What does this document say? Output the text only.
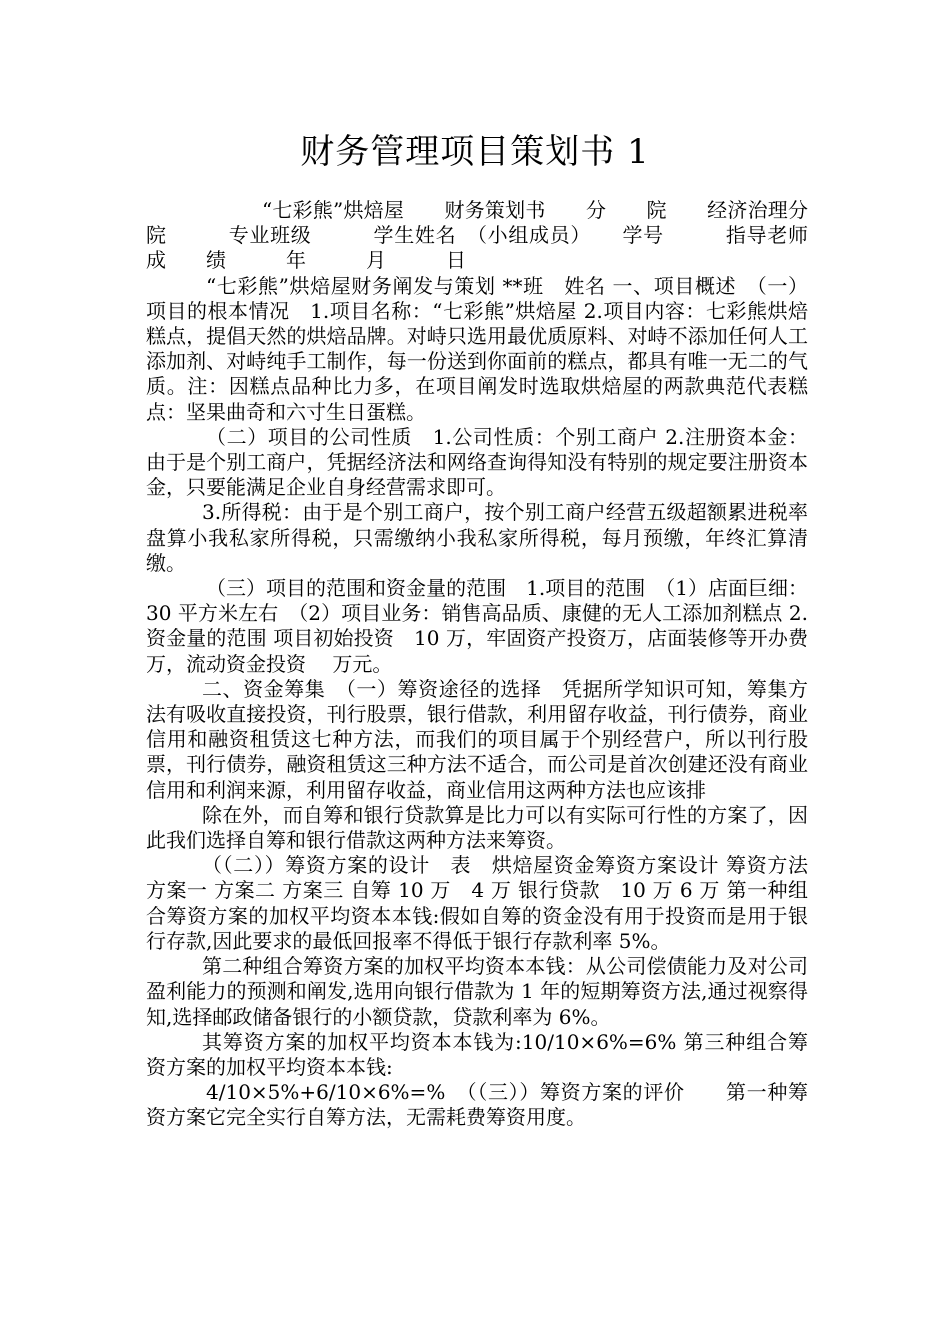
财务管理项目策划书 1

“七彩熊”烘焙屋　　财务策划书　　分　　院　　经济治理分院　　　专业班级　　　学生姓名　（小组成员）　　学号　　　指导老师　　　成　　绩　　　年　　　月　　　日

“七彩熊”烘焙屋财务阐发与策划 **班　姓名 一、项目概述　（一）项目的根本情况　1.项目名称：“七彩熊”烘焙屋 2.项目内容：七彩熊烘焙糕点，提倡天然的烘焙品牌。对峙只选用最优质原料、对峙不添加任何人工添加剂、对峙纯手工制作，每一份送到你面前的糕点，都具有唯一无二的气质。注：因糕点品种比力多，在项目阐发时选取烘焙屋的两款典范代表糕点：坚果曲奇和六寸生日蛋糕。

（二）项目的公司性质　1.公司性质：个别工商户 2.注册资本金：由于是个别工商户，凭据经济法和网络查询得知没有特别的规定要注册资本金，只要能满足企业自身经营需求即可。

3.所得税：由于是个别工商户，按个别工商户经营五级超额累进税率盘算小我私家所得税，只需缴纳小我私家所得税，每月预缴，年终汇算清缴。

（三）项目的范围和资金量的范围　1.项目的范围　（1）店面巨细：30 平方米左右　（2）项目业务：销售高品质、康健的无人工添加剂糕点 2.资金量的范围 项目初始投资　10 万，牢固资产投资万，店面装修等开办费　 万，流动资金投资　 万元。

二、资金筹集　（一）筹资途径的选择　凭据所学知识可知，筹集方法有吸收直接投资，刊行股票，银行借款，利用留存收益，刊行债券，商业信用和融资租赁这七种方法，而我们的项目属于个别经营户，所以刊行股票，刊行债券，融资租赁这三种方法不适合，而公司是首次创建还没有商业信用和利润来源，利用留存收益，商业信用这两种方法也应该排

除在外，而自筹和银行贷款算是比力可以有实际可行性的方案了，因此我们选择自筹和银行借款这两种方法来筹资。

（（二））筹资方案的设计　表　烘焙屋资金筹资方案设计 筹资方法 方案一 方案二 方案三 自筹 10 万　4 万 银行贷款　10 万 6 万 第一种组合筹资方案的加权平均资本本钱:假如自筹的资金没有用于投资而是用于银行存款,因此要求的最低回报率不得低于银行存款利率 5%。

第二种组合筹资方案的加权平均资本本钱：从公司偿债能力及对公司盈利能力的预测和阐发,选用向银行借款为 1 年的短期筹资方法,通过视察得知,选择邮政储备银行的小额贷款，贷款利率为 6%。

其筹资方案的加权平均资本本钱为:10/10×6%=6% 第三种组合筹资方案的加权平均资本本钱:

4/10×5%+6/10×6%=%　（（三））筹资方案的评价　　第一种筹资方案它完全实行自筹方法，无需耗费筹资用度。
